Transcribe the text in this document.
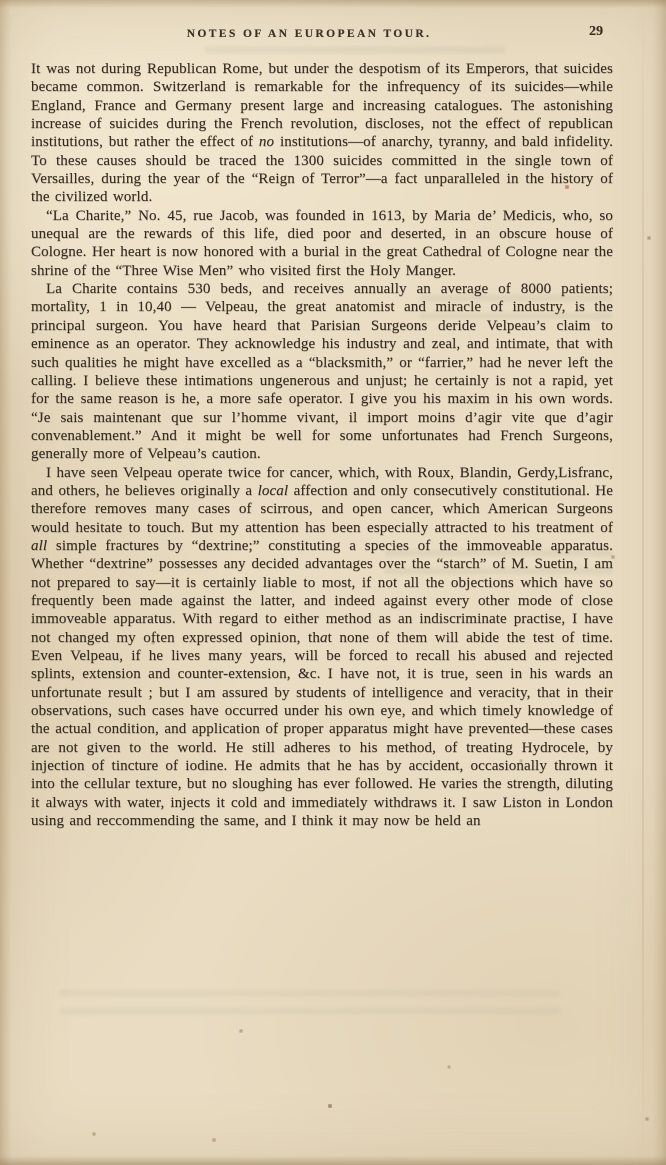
NOTES OF AN EUROPEAN TOUR.	29

It was not during Republican Rome, but under the despotism of its Emperors, that suicides became common. Switzerland is remarkable for the infrequency of its suicides—while England, France and Germany present large and increasing catalogues. The astonishing increase of suicides during the French revolution, discloses, not the effect of republican institutions, but rather the effect of no institutions—of anarchy, tyranny, and bald infidelity. To these causes should be traced the 1300 suicides committed in the single town of Versailles, during the year of the “Reign of Terror”—a fact unparalleled in the history of the civilized world.

“La Charite,” No. 45, rue Jacob, was founded in 1613, by Maria de’ Medicis, who, so unequal are the rewards of this life, died poor and deserted, in an obscure house of Cologne. Her heart is now honored with a burial in the great Cathedral of Cologne near the shrine of the “Three Wise Men” who visited first the Holy Manger.

La Charite contains 530 beds, and receives annually an average of 8000 patients; mortality, 1 in 10,40 — Velpeau, the great anatomist and miracle of industry, is the principal surgeon. You have heard that Parisian Surgeons deride Velpeau’s claim to eminence as an operator. They acknowledge his industry and zeal, and intimate, that with such qualities he might have excelled as a “blacksmith,” or “farrier,” had he never left the calling. I believe these intimations ungenerous and unjust; he certainly is not a rapid, yet for the same reason is he, a more safe operator. I give you his maxim in his own words. “Je sais maintenant que sur l’homme vivant, il import moins d’agir vite que d’agir convenablement.” And it might be well for some unfortunates had French Surgeons, generally more of Velpeau’s caution.

I have seen Velpeau operate twice for cancer, which, with Roux, Blandin, Gerdy,Lisfranc, and others, he believes originally a local affection and only consecutively constitutional. He therefore removes many cases of scirrous, and open cancer, which American Surgeons would hesitate to touch. But my attention has been especially attracted to his treatment of all simple fractures by “dextrine;” constituting a species of the immoveable apparatus. Whether “dextrine” possesses any decided advantages over the “starch” of M. Suetin, I am not prepared to say—it is certainly liable to most, if not all the objections which have so frequently been made against the latter, and indeed against every other mode of close immoveable apparatus. With regard to either method as an indiscriminate practise, I have not changed my often expressed opinion, that none of them will abide the test of time. Even Velpeau, if he lives many years, will be forced to recall his abused and rejected splints, extension and counter-extension, &c. I have not, it is true, seen in his wards an unfortunate result ; but I am assured by students of intelligence and veracity, that in their observations, such cases have occurred under his own eye, and which timely knowledge of the actual condition, and application of proper apparatus might have prevented—these cases are not given to the world. He still adheres to his method, of treating Hydrocele, by injection of tincture of iodine. He admits that he has by accident, occasionally thrown it into the cellular texture, but no sloughing has ever followed. He varies the strength, diluting it always with water, injects it cold and immediately withdraws it. I saw Liston in London using and reccommending the same, and I think it may now be held an
